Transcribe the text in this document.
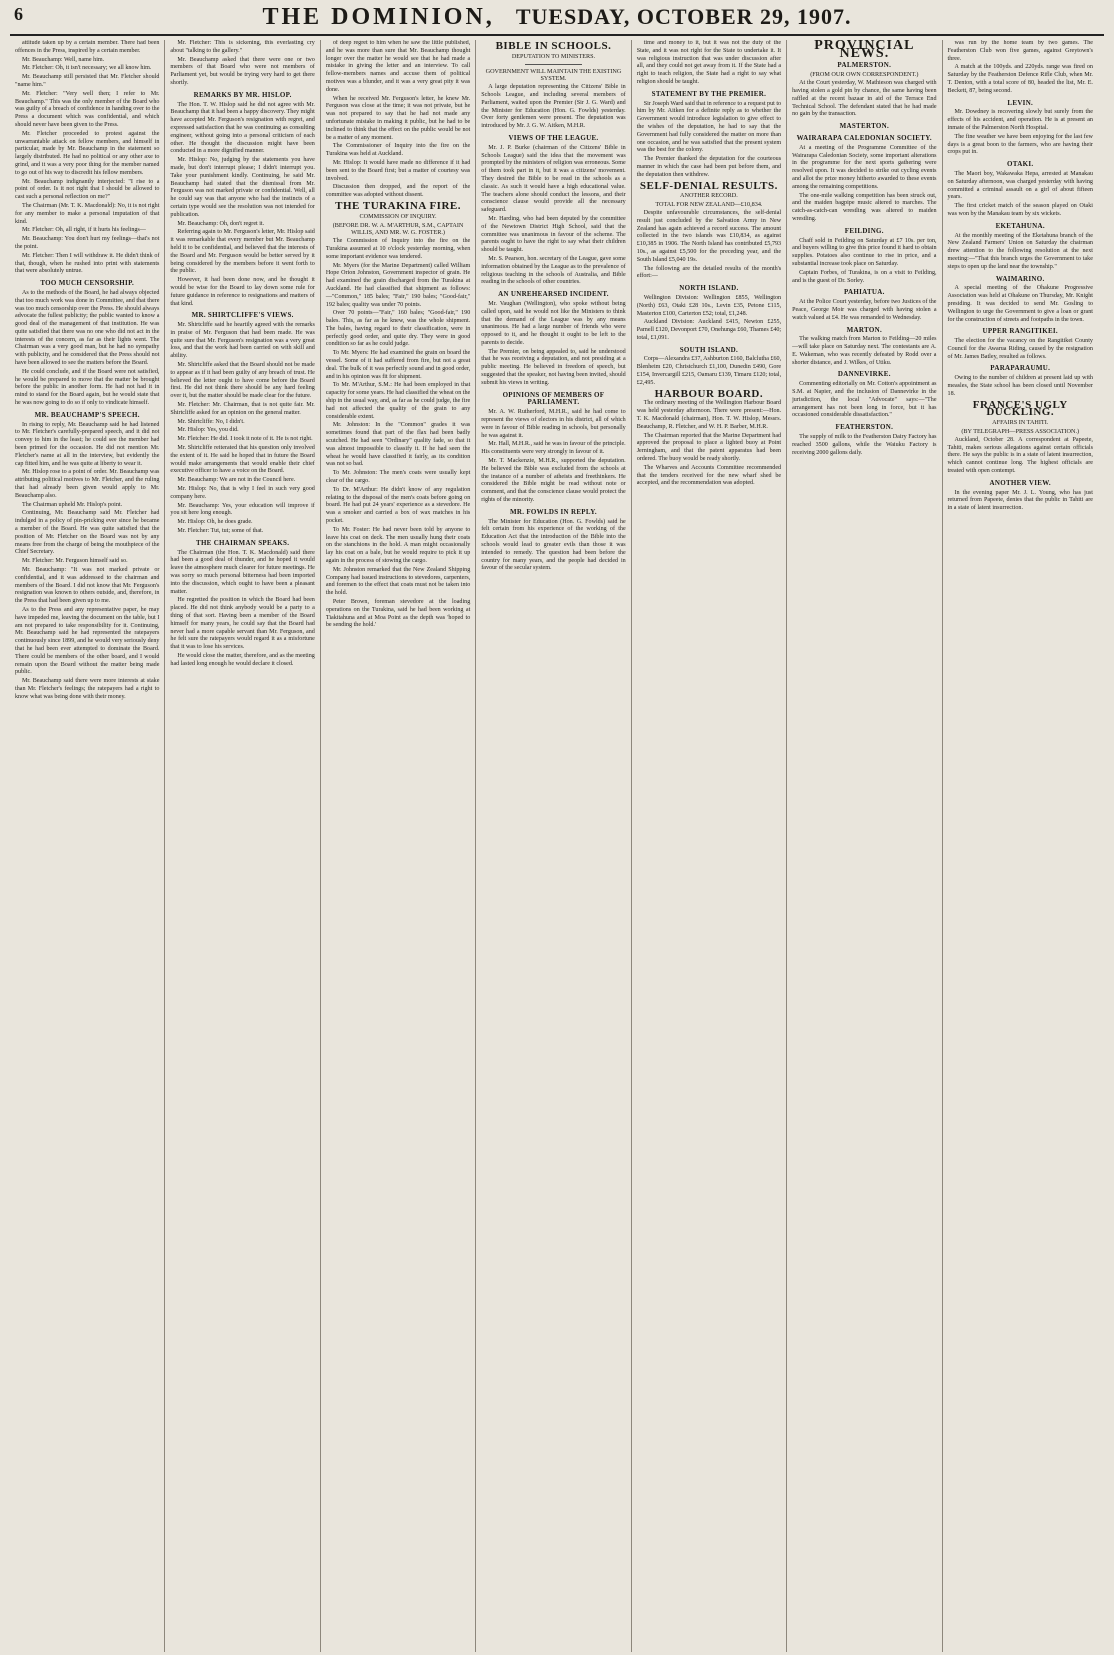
6	THE DOMINION,
TUESDAY, OCTOBER 29, 1907.

attitude taken up by a certain member. There had been offences in the Press, inspired by a certain member.

Mr. Beauchamp: Well, name him.

Mr. Fletcher: Oh, it isn't necessary; we all know him.

Mr. Beauchamp still persisted that Mr. Fletcher should "name him."

Mr. Fletcher: "Very well then; I refer to Mr. Beauchamp." This was the only member of the Board who was guilty of a breach of confidence in handing over to the Press a document which was confidential, and which should never have been given to the Press.

Mr. Fletcher proceeded to protest against the unwarrantable attack on fellow members, and himself in particular, made by Mr. Beauchamp in the statement so largely distributed. He had no political or any other axe to grind, and it was a very poor thing for the member named to go out of his way to discredit his fellow members.

Mr. Beauchamp indignantly interjected: "I rise to a point of order. Is it not right that I should be allowed to cast such a personal reflection on me?"

The Chairman (Mr. T. K. Macdonald): No, it is not right for any member to make a personal imputation of that kind.

Mr. Fletcher: Oh, all right, if it hurts his feelings—

Mr. Beauchamp: You don't hurt my feelings—that's not the point.

Mr. Fletcher: Then I will withdraw it. He didn't think of that, though, when he rushed into print with statements that were absolutely untrue.

TOO MUCH CENSORSHIP.

As to the methods of the Board, he had always objected that too much work was done in Committee, and that there was too much censorship over the Press. He should always advocate the fullest publicity; the public wanted to know a good deal of the management of that institution. He was quite satisfied that there was no one who did not act in the interests of the concern, as far as their lights went. The Chairman was a very good man, but he had no sympathy with publicity, and he considered that the Press should not have been allowed to see the matters before the Board.

He could conclude, and if the Board were not satisfied, he would be prepared to move that the matter be brought before the public in another form. He had not had it in mind to stand for the Board again, but he would state that he was now going to do so if only to vindicate himself.

MR. BEAUCHAMP'S SPEECH.

In rising to reply, Mr. Beauchamp said he had listened to Mr. Fletcher's carefully-prepared speech, and it did not convey to him in the least; he could see the member had been primed for the occasion. He did not mention Mr. Fletcher's name at all in the interview, but evidently the cap fitted him, and he was quite at liberty to wear it.

Mr. Hislop rose to a point of order. Mr. Beauchamp was attributing political motives to Mr. Fletcher, and the ruling that had already been given would apply to Mr. Beauchamp also.

The Chairman upheld Mr. Hislop's point.

Continuing, Mr. Beauchamp said Mr. Fletcher had indulged in a policy of pin-pricking ever since he became a member of the Board. He was quite satisfied that the position of Mr. Fletcher on the Board was not by any means free from the charge of being the mouthpiece of the Chief Secretary.

Mr. Fletcher: Mr. Ferguson himself said so.

Mr. Beauchamp: "It was not marked private or confidential, and it was addressed to the chairman and members of the Board. I did not know that Mr. Ferguson's resignation was known to others outside, and, therefore, in the Press that had been given up to me.

As to the Press and any representative paper, he may have impeded me, leaving the document on the table, but I am not prepared to take responsibility for it. Continuing, Mr. Beauchamp said he had represented the ratepayers continuously since 1899, and he would very seriously deny that he had been ever attempted to dominate the Board. There could be members of the other board, and I would remain upon the Board without the matter being made public.

Mr. Beauchamp said there were more interests at stake than Mr. Fletcher's feelings; the ratepayers had a right to know what was being done with their money.

Mr. Fletcher: This is sickening, this everlasting cry about "talking to the gallery."

Mr. Beauchamp asked that there were one or two members of that Board who were not members of Parliament yet, but would be trying very hard to get there shortly.

REMARKS BY MR. HISLOP.

The Hon. T. W. Hislop said he did not agree with Mr. Beauchamp that it had been a happy discovery. They might have accepted Mr. Ferguson's resignation with regret, and expressed satisfaction that he was continuing as consulting engineer, without going into a personal criticism of each other. He thought the discussion might have been conducted in a more dignified manner.

Mr. Hislop: No, judging by the statements you have made, but don't interrupt please; I didn't interrupt you. Take your punishment kindly. Continuing, he said Mr. Beauchamp had stated that the dismissal from Mr. Ferguson was not marked private or confidential. Well, all he could say was that anyone who had the instincts of a certain type would see the resolution was not intended for publication.

Mr. Beauchamp: Oh, don't regret it.

Referring again to Mr. Ferguson's letter, Mr. Hislop said it was remarkable that every member but Mr. Beauchamp held it to be confidential, and believed that the interests of the Board and Mr. Ferguson would be better served by it being considered by the members before it went forth to the public.

However, it had been done now, and he thought it would be wise for the Board to lay down some rule for future guidance in reference to resignations and matters of that kind.

MR. SHIRTCLIFFE'S VIEWS.

Mr. Shirtcliffe said he heartily agreed with the remarks in praise of Mr. Ferguson that had been made. He was quite sure that Mr. Ferguson's resignation was a very great loss, and that the work had been carried on with skill and ability.

Mr. Shirtcliffe asked that the Board should not be made to appear as if it had been guilty of any breach of trust. He believed the letter ought to have come before the Board first. He did not think there should be any hard feeling over it, but the matter should be made clear for the future.

Mr. Fletcher: Mr. Chairman, that is not quite fair. Mr. Shirtcliffe asked for an opinion on the general matter.

Mr. Shirtcliffe: No, I didn't.

Mr. Hislop: Yes, you did.

Mr. Fletcher: He did. I took it note of it. He is not right.

Mr. Shirtcliffe reiterated that his question only involved the extent of it. He said he hoped that in future the Board would make arrangements that would enable their chief executive officer to have a voice on the Board.

Mr. Beauchamp: We are not in the Council here.

Mr. Hislop: No, that is why I feel in such very good company here.

Mr. Beauchamp: Yes, your education will improve if you sit here long enough.

Mr. Hislop: Oh, he does grade.

Mr. Fletcher: Tut, tut; some of that.

THE CHAIRMAN SPEAKS.

The Chairman (the Hon. T. K. Macdonald) said there had been a good deal of thunder, and he hoped it would leave the atmosphere much clearer for future meetings. He was sorry so much personal bitterness had been imported into the discussion, which ought to have been a pleasant matter.

He regretted the position in which the Board had been placed. He did not think anybody would be a party to a thing of that sort. Having been a member of the Board himself for many years, he could say that the Board had never had a more capable servant than Mr. Ferguson, and he felt sure the ratepayers would regard it as a misfortune that it was to lose his services.

He would close the matter, therefore, and as the meeting had lasted long enough he would declare it closed.

of deep regret to him when he saw the little published, and he was more than sure that Mr. Beauchamp thought longer over the matter he would see that he had made a mistake in giving the letter and an interview. To call fellow-members names and accuse them of political motives was a blunder, and it was a very great pity it was done.

When he received Mr. Ferguson's letter, he knew Mr. Ferguson was close at the time; it was not private, but he was not prepared to say that he had not made any unfortunate mistake in making it public, but he had to be inclined to think that the effect on the public would be not be a matter of any moment.

The Commissioner of Inquiry into the fire on the Turakina was held at Auckland.

Mr. Hislop: It would have made no difference if it had been sent to the Board first; but a matter of courtesy was involved.

Discussion then dropped, and the report of the committee was adopted without dissent.

THE TURAKINA FIRE.
COMMISSION OF INQUIRY.
(BEFORE DR. W. A. M'ARTHUR, S.M., CAPTAIN WILLIS, AND MR. W. G. FOSTER.)

The Commission of Inquiry into the fire on the Turakina assumed at 10 o'clock yesterday morning, when some important evidence was tendered.

Mr. Myers (for the Marine Department) called William Hope Orion Johnston, Government inspector of grain. He had examined the grain discharged from the Turakina at Auckland. He had classified that shipment as follows:—"Common," 185 bales; "Fair," 190 bales; "Good-fair," 192 bales; quality was under 70 points.

Over 70 points—"Fair," 160 bales; "Good-fair," 190 bales. This, as far as he knew, was the whole shipment. The bales, having regard to their classification, were in perfectly good order, and quite dry. They were in good condition so far as he could judge.

To Mr. Myers: He had examined the grain on board the vessel. Some of it had suffered from fire, but not a great deal. The bulk of it was perfectly sound and in good order, and in his opinion was fit for shipment.

To Mr. M'Arthur, S.M.: He had been employed in that capacity for some years. He had classified the wheat on the ship in the usual way, and, as far as he could judge, the fire had not affected the quality of the grain to any considerable extent.

Mr. Johnston: In the "Common" grades it was sometimes found that part of the flax had been badly scutched. He had seen "Ordinary" quality fade, so that it was almost impossible to classify it. If he had seen the wheat he would have classified it fairly, as its condition was not so bad.

To Mr. Johnston: The men's coats were usually kept clear of the cargo.

To Dr. M'Arthur: He didn't know of any regulation relating to the disposal of the men's coats before going on board. He had put 24 years' experience as a stevedore. He was a smoker and carried a box of wax matches in his pocket.

To Mr. Foster: He had never been told by anyone to leave his coat on deck. The men usually hung their coats on the stanchions in the hold. A man might occasionally lay his coat on a bale, but he would require to pick it up again in the process of stowing the cargo.

Mr. Johnston remarked that the New Zealand Shipping Company had issued instructions to stevedores, carpenters, and foremen to the effect that coats must not be taken into the hold.

Peter Brown, foreman stevedore at the loading operations on the Turakina, said he had been working at Tiakitahuna and at Moa Point as the depth was 'hoped to be sending the hold.'

BIBLE IN SCHOOLS.
DEPUTATION TO MINISTERS.
GOVERNMENT WILL MAINTAIN THE EXISTING SYSTEM.

A large deputation representing the Citizens' Bible in Schools League, and including several members of Parliament, waited upon the Premier (Sir J. G. Ward) and the Minister for Education (Hon. G. Fowlds) yesterday. Over forty gentlemen were present. The deputation was introduced by Mr. J. G. W. Aitken, M.H.R.

VIEWS OF THE LEAGUE.

Mr. J. P. Burke (chairman of the Citizens' Bible in Schools League) said the idea that the movement was prompted by the ministers of religion was erroneous. Some of them took part in it, but it was a citizens' movement. They desired the Bible to be read in the schools as a classic. As such it would have a high educational value. The teachers alone should conduct the lessons, and their conscience clause would provide all the necessary safeguard.

Mr. Harding, who had been deputed by the committee of the Newtown District High School, said that the committee was unanimous in favour of the scheme. The parents ought to have the right to say what their children should be taught.

Mr. S. Pearson, hon. secretary of the League, gave some information obtained by the League as to the prevalence of religious teaching in the schools of Australia, and Bible reading in the schools of other countries.

AN UNREHEARSED INCIDENT.

Mr. Vaughan (Wellington), who spoke without being called upon, said he would not like the Ministers to think that the demand of the League was by any means unanimous. He had a large number of friends who were opposed to it, and he thought it ought to be left to the parents to decide.

The Premier, on being appealed to, said he understood that he was receiving a deputation, and not presiding at a public meeting. He believed in freedom of speech, but suggested that the speaker, not having been invited, should submit his views in writing.

OPINIONS OF MEMBERS OF PARLIAMENT.

Mr. A. W. Rutherford, M.H.R., said he had come to represent the views of electors in his district, all of which were in favour of Bible reading in schools, but personally he was against it.

Mr. Hall, M.H.R., said he was in favour of the principle. His constituents were very strongly in favour of it.

Mr. T. Mackenzie, M.H.R., supported the deputation. He believed the Bible was excluded from the schools at the instance of a number of atheists and freethinkers. He considered the Bible might be read without note or comment, and that the conscience clause would protect the rights of the minority.

MR. FOWLDS IN REPLY.

The Minister for Education (Hon. G. Fowlds) said he felt certain from his experience of the working of the Education Act that the introduction of the Bible into the schools would lead to greater evils than those it was intended to remedy. The question had been before the country for many years, and the people had decided in favour of the secular system.

time and money to it, but it was not the duty of the State, and it was not right for the State to undertake it. It was religious instruction that was under discussion after all, and they could not get away from it. If the State had a right to teach religion, the State had a right to say what religion should be taught.

STATEMENT BY THE PREMIER.

Sir Joseph Ward said that in reference to a request put to him by Mr. Aitken for a definite reply as to whether the Government would introduce legislation to give effect to the wishes of the deputation, he had to say that the Government had fully considered the matter on more than one occasion, and he was satisfied that the present system was the best for the colony.

The Premier thanked the deputation for the courteous manner in which the case had been put before them, and the deputation then withdrew.

SELF-DENIAL RESULTS.
ANOTHER RECORD.
TOTAL FOR NEW ZEALAND—£10,834.

Despite unfavourable circumstances, the self-denial result just concluded by the Salvation Army in New Zealand has again achieved a record success. The amount collected in the two islands was £10,834, as against £10,385 in 1906. The North Island has contributed £5,793 10s., as against £5,500 for the preceding year, and the South Island £5,040 19s.

The following are the detailed results of the month's effort:—

NORTH ISLAND.

Wellington Division: Wellington £855, Wellington (North) £63, Otaki £28 10s., Levin £35, Petone £115, Masterton £100, Carterton £52; total, £1,248.

Auckland Division: Auckland £415, Newton £255, Parnell £120, Devonport £70, Onehunga £60, Thames £40; total, £1,091.

SOUTH ISLAND.

Corps—Alexandra £37, Ashburton £160, Balclutha £60, Blenheim £20, Christchurch £1,100, Dunedin £490, Gore £154, Invercargill £215, Oamaru £139, Timaru £120; total, £2,495.

HARBOUR BOARD.

The ordinary meeting of the Wellington Harbour Board was held yesterday afternoon. There were present:—Hon. T. K. Macdonald (chairman), Hon. T. W. Hislop, Messrs. Beauchamp, R. Fletcher, and W. H. P. Barber, M.H.R.

The Chairman reported that the Marine Department had approved the proposal to place a lighted buoy at Point Jerningham, and that the patent apparatus had been ordered. The buoy would be ready shortly.

The Wharves and Accounts Committee recommended that the tenders received for the new wharf shed be accepted, and the recommendation was adopted.

PROVINCIAL NEWS.
PALMERSTON.
(FROM OUR OWN CORRESPONDENT.)

At the Court yesterday, W. Mathieson was charged with having stolen a gold pin by chance, the same having been raffled at the recent bazaar in aid of the Terrace End Technical School. The defendant stated that he had made no gain by the transaction.

MASTERTON.
WAIRARAPA CALEDONIAN SOCIETY.

At a meeting of the Programme Committee of the Wairarapa Caledonian Society, some important alterations in the programme for the next sports gathering were resolved upon. It was decided to strike out cycling events and allot the prize money hitherto awarded to these events among the remaining competitions.

The one-mile walking competition has been struck out, and the maiden bagpipe music altered to marches. The catch-as-catch-can wrestling was altered to maiden wrestling.

FEILDING.

Chaff sold in Feilding on Saturday at £7 10s. per ton, and buyers willing to give this price found it hard to obtain supplies. Potatoes also continue to rise in price, and a substantial increase took place on Saturday.

Captain Forbes, of Turakina, is on a visit to Feilding, and is the guest of Dr. Sorley.

PAHIATUA.

At the Police Court yesterday, before two Justices of the Peace, George Moir was charged with having stolen a watch valued at £4. He was remanded to Wednesday.

MARTON.

The walking match from Marton to Feilding—20 miles—will take place on Saturday next. The contestants are A. E. Wakeman, who was recently defeated by Rodd over a shorter distance, and J. Wilkes, of Utiku.

DANNEVIRKE.

Commenting editorially on Mr. Cotton's appointment as S.M. at Napier, and the inclusion of Dannevirke in the jurisdiction, the local "Advocate" says:—"The arrangement has not been long in force, but it has occasioned considerable dissatisfaction."

FEATHERSTON.

The supply of milk to the Featherston Dairy Factory has reached 3500 gallons, while the Waiuku Factory is receiving 2000 gallons daily.

was run by the home team by two games. The Featherston Club won five games, against Greytown's three.

A match at the 100yds. and 220yds. range was fired on Saturday by the Featherston Defence Rifle Club, when Mr. T. Denton, with a total score of 80, headed the list, Mr. E. Beckett, 87, being second.

LEVIN.

Mr. Dowdney is recovering slowly but surely from the effects of his accident, and operation. He is at present an inmate of the Palmerston North Hospital.

The fine weather we have been enjoying for the last few days is a great boon to the farmers, who are having their crops put in.

OTAKI.

The Maori boy, Wakawaka Hepa, arrested at Manakau on Saturday afternoon, was charged yesterday with having committed a criminal assault on a girl of about fifteen years.

The first cricket match of the season played on Otaki was won by the Manakau team by six wickets.

EKETAHUNA.

At the monthly meeting of the Eketahuna branch of the New Zealand Farmers' Union on Saturday the chairman drew attention to the following resolution at the next meeting:—"That this branch urges the Government to take steps to open up the land near the township."

WAIMARINO.

A special meeting of the Ohakune Progressive Association was held at Ohakune on Thursday, Mr. Knight presiding. It was decided to send Mr. Gosling to Wellington to urge the Government to give a loan or grant for the construction of streets and footpaths in the town.

UPPER RANGITIKEI.

The election for the vacancy on the Rangitikei County Council for the Awarua Riding, caused by the resignation of Mr. James Batley, resulted as follows.

PARAPARAUMU.

Owing to the number of children at present laid up with measles, the State school has been closed until November 18.

FRANCE'S UGLY DUCKLING.
AFFAIRS IN TAHITI.
(BY TELEGRAPH—PRESS ASSOCIATION.)

Auckland, October 28. A correspondent at Papeete, Tahiti, makes serious allegations against certain officials there. He says the public is in a state of latent insurrection, which cannot continue long. The highest officials are treated with open contempt.

ANOTHER VIEW.

In the evening paper Mr. J. L. Young, who has just returned from Papeete, denies that the public in Tahiti are in a state of latent insurrection.
